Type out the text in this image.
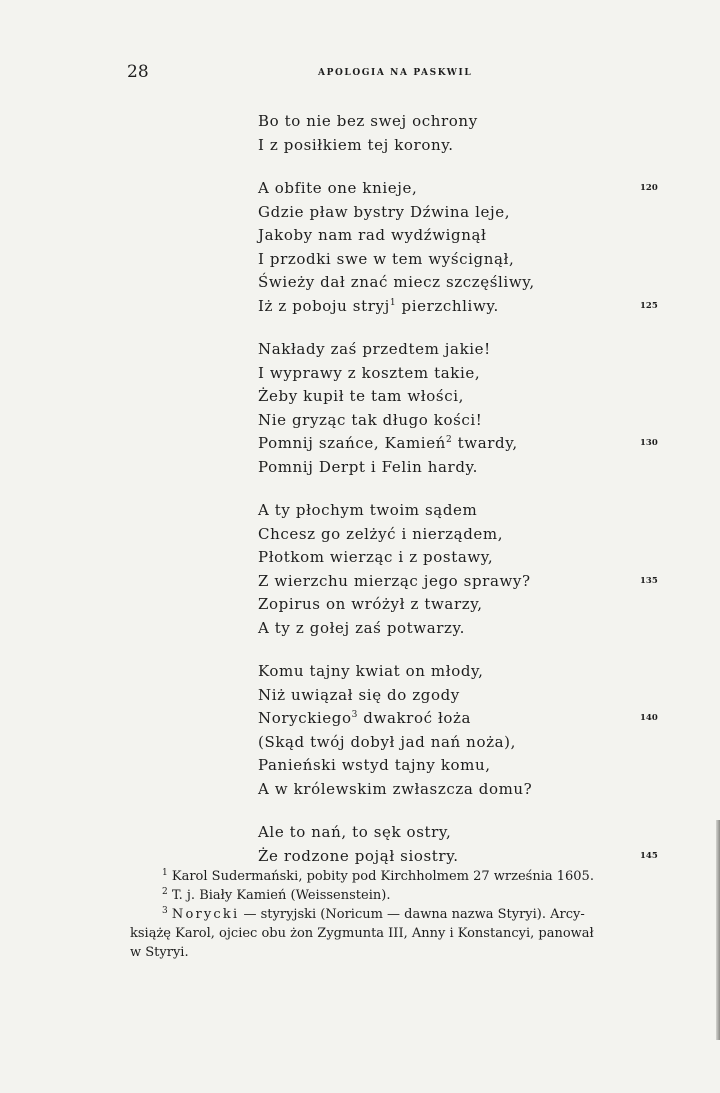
28	APOLOGIA NA PASKWIL
Bo to nie bez swej ochrony
I z posiłkiem tej korony.
A obfite one knieje,	120
Gdzie pław bystry Dźwina leje,
Jakoby nam rad wydźwignął
I przodki swe w tem wyścignął,
Świeży dał znać miecz szczęśliwy,
Iż z poboju stryj$^1$ pierzchliwy.	125
Nakłady zaś przedtem jakie!
I wyprawy z kosztem takie,
Żeby kupił te tam włości,
Nie gryząc tak długo kości!
Pomnij szańce, Kamień$^2$ twardy,	130
Pomnij Derpt i Felin hardy.
A ty płochym twoim sądem
Chcesz go zelżyć i nierządem,
Płotkom wierząc i z postawy,
Z wierzchu mierząc jego sprawy?	135
Zopirus on wróżył z twarzy,
A ty z gołej zaś potwarzy.
Komu tajny kwiat on młody,
Niż uwiązał się do zgody
Noryckiego$^3$ dwakroć łoża	140
(Skąd twój dobył jad nań noża),
Panieński wstyd tajny komu,
A w królewskim zwłaszcza domu?
Ale to nań, to sęk ostry,
Że rodzone pojął siostry.	145
$^1$ Karol Sudermański, pobity pod Kirchholmem 27 września 1605.
$^2$ T. j. Biały Kamień (Weissenstein).
$^3$ Norycki — styryjski (Noricum — dawna nazwa Styryi). Arcy-
książę Karol, ojciec obu żon Zygmunta III, Anny i Konstancyi, panował
w Styryi.
